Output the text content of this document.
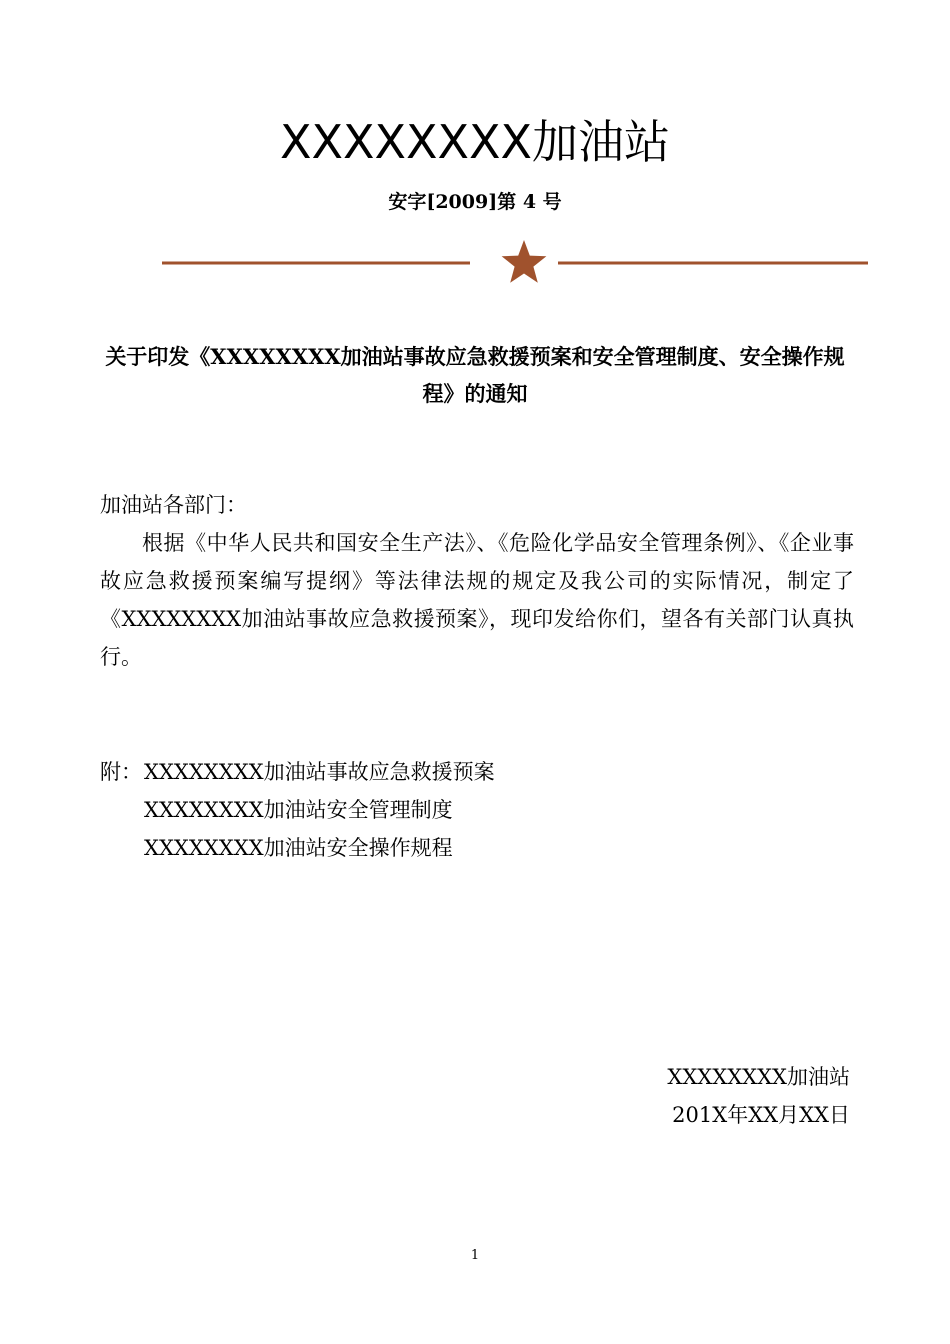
XXXXXXXX加油站
安字[2009]第 4 号
关于印发《XXXXXXXX加油站事故应急救援预案和安全管理制度、安全操作规
程》的通知
加油站各部门：
根据《中华人民共和国安全生产法》、《危险化学品安全管理条例》、《企业事故应急救援预案编写提纲》等法律法规的规定及我公司的实际情况，制定了《XXXXXXXX加油站事故应急救援预案》，现印发给你们，望各有关部门认真执行。
附： XXXXXXXX加油站事故应急救援预案
XXXXXXXX加油站安全管理制度
XXXXXXXX加油站安全操作规程
XXXXXXXX加油站
201X年XX月XX日
1
